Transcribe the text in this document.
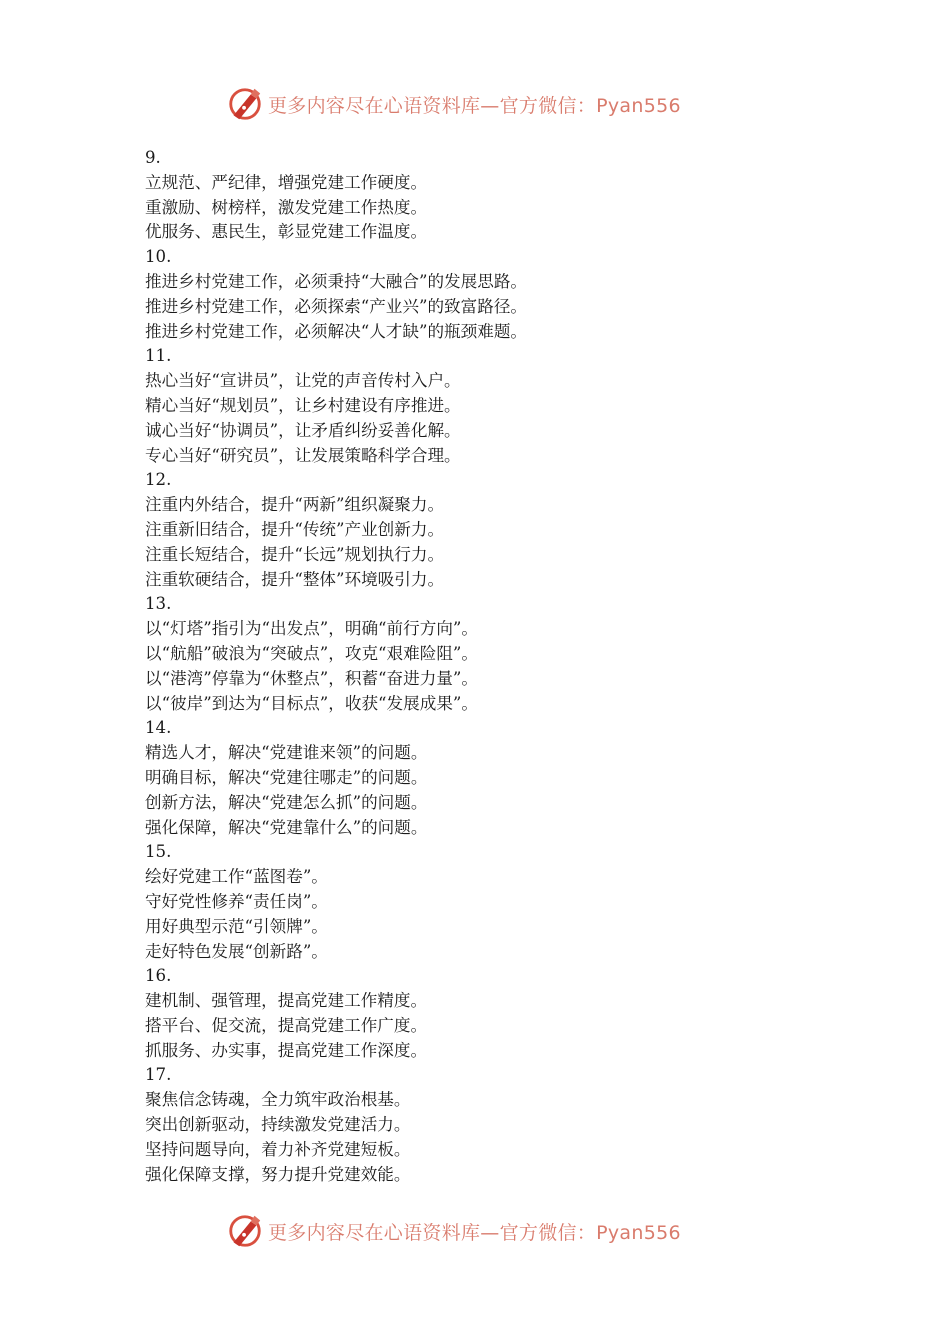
更多内容尽在心语资料库—官方微信：Pyan556
9.
立规范、严纪律，增强党建工作硬度。
重激励、树榜样，激发党建工作热度。
优服务、惠民生，彰显党建工作温度。
10.
推进乡村党建工作，必须秉持“大融合”的发展思路。
推进乡村党建工作，必须探索“产业兴”的致富路径。
推进乡村党建工作，必须解决“人才缺”的瓶颈难题。
11.
热心当好“宣讲员”，让党的声音传村入户。
精心当好“规划员”，让乡村建设有序推进。
诚心当好“协调员”，让矛盾纠纷妥善化解。
专心当好“研究员”，让发展策略科学合理。
12.
注重内外结合，提升“两新”组织凝聚力。
注重新旧结合，提升“传统”产业创新力。
注重长短结合，提升“长远”规划执行力。
注重软硬结合，提升“整体”环境吸引力。
13.
以“灯塔”指引为“出发点”，明确“前行方向”。
以“航船”破浪为“突破点”，攻克“艰难险阻”。
以“港湾”停靠为“休整点”，积蓄“奋进力量”。
以“彼岸”到达为“目标点”，收获“发展成果”。
14.
精选人才，解决“党建谁来领”的问题。
明确目标，解决“党建往哪走”的问题。
创新方法，解决“党建怎么抓”的问题。
强化保障，解决“党建靠什么”的问题。
15.
绘好党建工作“蓝图卷”。
守好党性修养“责任岗”。
用好典型示范“引领牌”。
走好特色发展“创新路”。
16.
建机制、强管理，提高党建工作精度。
搭平台、促交流，提高党建工作广度。
抓服务、办实事，提高党建工作深度。
17.
聚焦信念铸魂，全力筑牢政治根基。
突出创新驱动，持续激发党建活力。
坚持问题导向，着力补齐党建短板。
强化保障支撑，努力提升党建效能。
更多内容尽在心语资料库—官方微信：Pyan556
